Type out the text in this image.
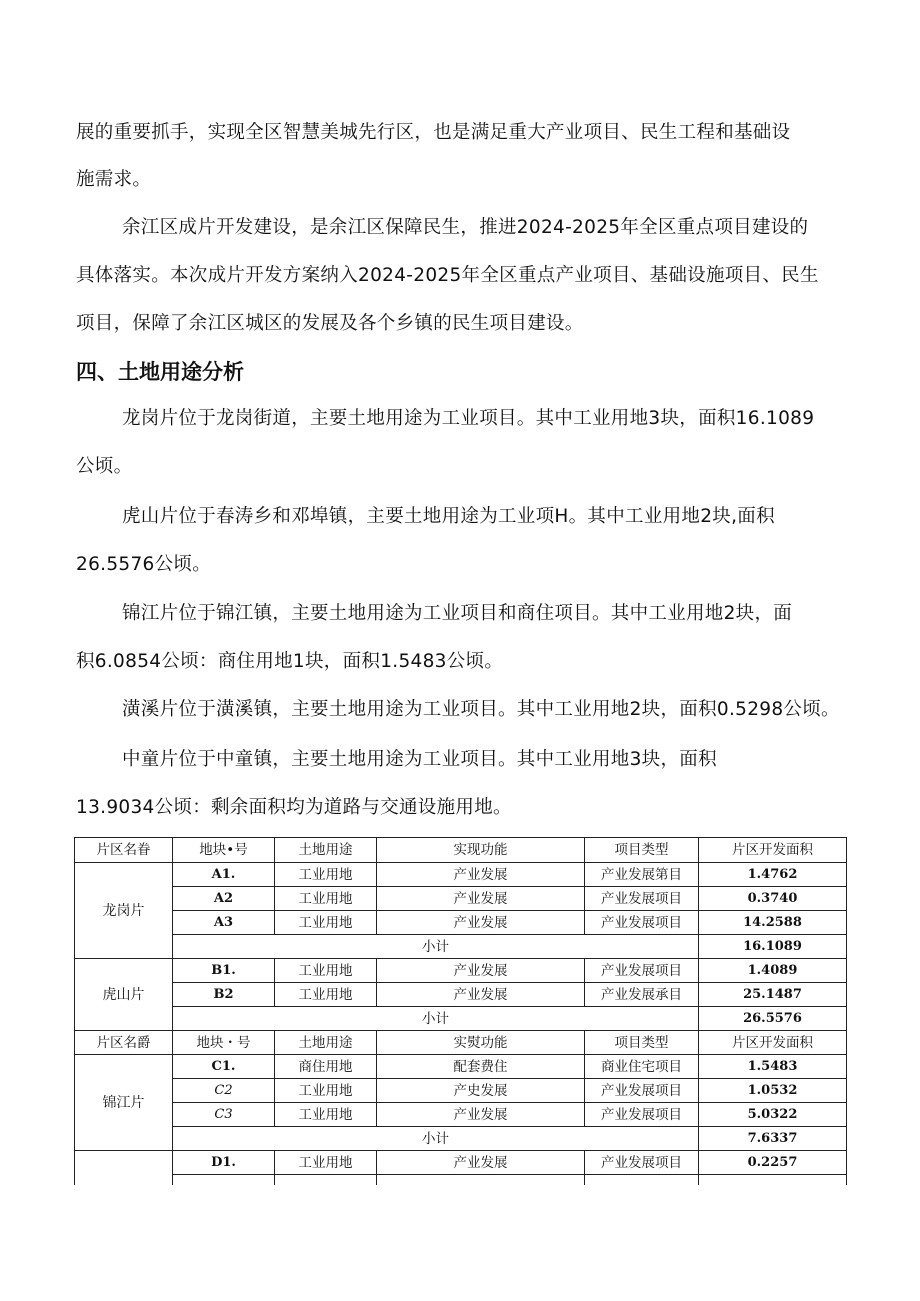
展的重要抓手，实现全区智慧美城先行区，也是满足重大产业项目、民生工程和基础设
施需求。
余江区成片开发建设，是余江区保障民生，推进2024-2025年全区重点项目建设的
具体落实。本次成片开发方案纳入2024-2025年全区重点产业项目、基础设施项目、民生
项目，保障了余江区城区的发展及各个乡镇的民生项目建设。
四、土地用途分析
龙岗片位于龙岗街道，主要土地用途为工业项目。其中工业用地3块，面积16.1089
公顷。
虎山片位于春涛乡和邓埠镇，主要土地用途为工业项H。其中工业用地2块,面积
26.5576公顷。
锦江片位于锦江镇，主要土地用途为工业项目和商住项目。其中工业用地2块，面
积6.0854公顷：商住用地1块，面积1.5483公顷。
潢溪片位于潢溪镇，主要土地用途为工业项目。其中工业用地2块，面积0.5298公顷。
中童片位于中童镇，主要土地用途为工业项目。其中工业用地3块，面积
13.9034公顷：剩余面积均为道路与交通设施用地。
片区名眷	地块•号	土地用途	实现功能	项目类型	片区开发面积
龙岗片	A1.	工业用地	产业发展	产业发展第目	1.4762
	A2	工业用地	产业发展	产业发展项目	0.3740
	A3	工业用地	产业发展	产业发展项目	14.2588
	小计				16.1089
虎山片	B1.	工业用地	产业发展	产业发展项目	1.4089
	B2	工业用地	产业发展	产业发展承目	25.1487
	小计				26.5576
片区名爵	地块・号	土地用途	实熨功能	项目类型	片区开发面积
锦江片	C1.	商住用地	配套费住	商业住宅项目	1.5483
	C2	工业用地	产史发展	产业发展项目	1.0532
	C3	工业用地	产业发展	产业发展项目	5.0322
	小计				7.6337
	D1.	工业用地	产业发展	产业发展项目	0.2257
